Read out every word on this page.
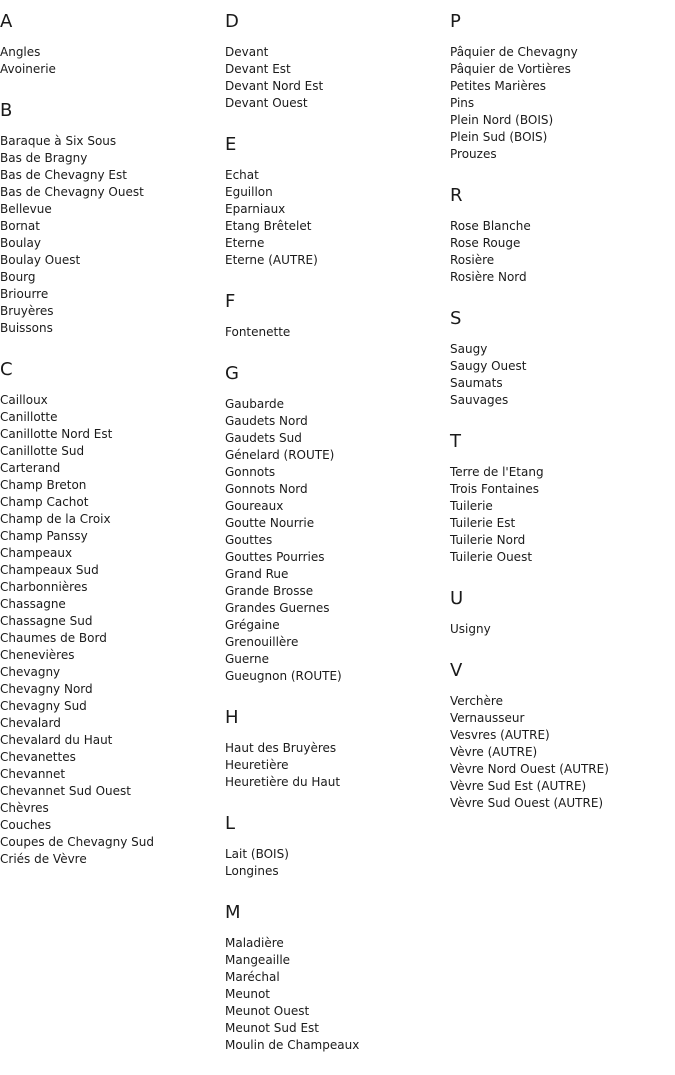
A
Angles
Avoinerie
B
Baraque à Six Sous
Bas de Bragny
Bas de Chevagny Est
Bas de Chevagny Ouest
Bellevue
Bornat
Boulay
Boulay Ouest
Bourg
Briourre
Bruyères
Buissons
C
Cailloux
Canillotte
Canillotte Nord Est
Canillotte Sud
Carterand
Champ Breton
Champ Cachot
Champ de la Croix
Champ Panssy
Champeaux
Champeaux Sud
Charbonnières
Chassagne
Chassagne Sud
Chaumes de Bord
Chenevières
Chevagny
Chevagny Nord
Chevagny Sud
Chevalard
Chevalard du Haut
Chevanettes
Chevannet
Chevannet Sud Ouest
Chèvres
Couches
Coupes de Chevagny Sud
Criés de Vèvre
D
Devant
Devant Est
Devant Nord Est
Devant Ouest
E
Echat
Eguillon
Eparniaux
Etang Brêtelet
Eterne
Eterne (AUTRE)
F
Fontenette
G
Gaubarde
Gaudets Nord
Gaudets Sud
Génelard (ROUTE)
Gonnots
Gonnots Nord
Goureaux
Goutte Nourrie
Gouttes
Gouttes Pourries
Grand Rue
Grande Brosse
Grandes Guernes
Grégaine
Grenouillère
Guerne
Gueugnon (ROUTE)
H
Haut des Bruyères
Heuretière
Heuretière du Haut
L
Lait (BOIS)
Longines
M
Maladière
Mangeaille
Maréchal
Meunot
Meunot Ouest
Meunot Sud Est
Moulin de Champeaux
P
Pâquier de Chevagny
Pâquier de Vortières
Petites Marières
Pins
Plein Nord (BOIS)
Plein Sud (BOIS)
Prouzes
R
Rose Blanche
Rose Rouge
Rosière
Rosière Nord
S
Saugy
Saugy Ouest
Saumats
Sauvages
T
Terre de l'Etang
Trois Fontaines
Tuilerie
Tuilerie Est
Tuilerie Nord
Tuilerie Ouest
U
Usigny
V
Verchère
Vernausseur
Vesvres (AUTRE)
Vèvre (AUTRE)
Vèvre Nord Ouest (AUTRE)
Vèvre Sud Est (AUTRE)
Vèvre Sud Ouest (AUTRE)
